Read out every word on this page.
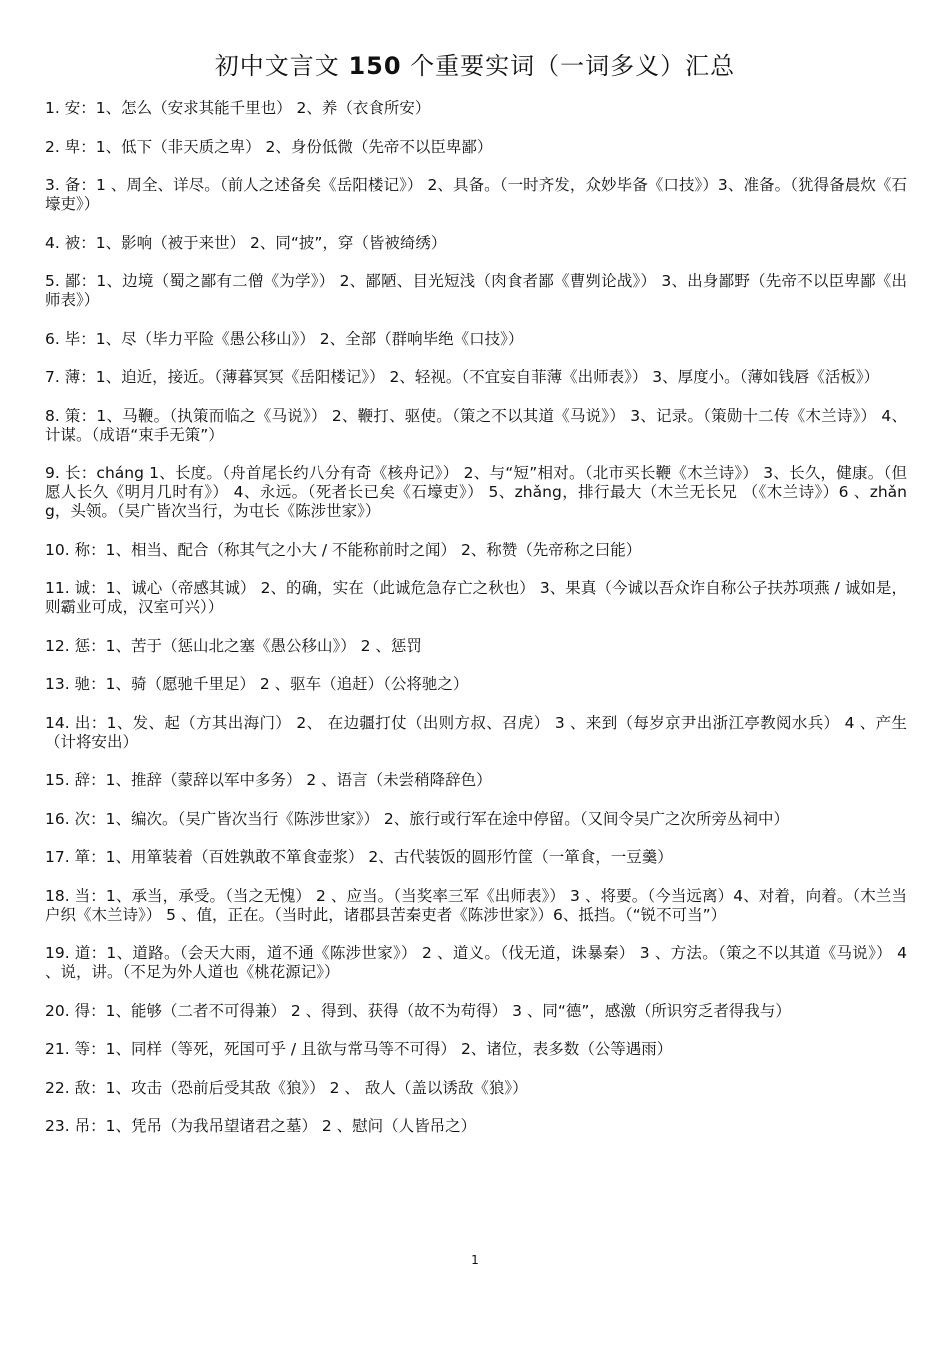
初中文言文 150 个重要实词（一词多义）汇总
1. 安：1、怎么（安求其能千里也） 2、养（衣食所安）
2. 卑：1、低下（非天质之卑） 2、身份低微（先帝不以臣卑鄙）
3. 备：1 、周全、详尽。（前人之述备矣《岳阳楼记》） 2、具备。（一时齐发，众妙毕备《口技》）3、准备。（犹得备晨炊《石壕吏》）
4. 被：1、影响（被于来世） 2、同“披”，穿（皆被绮绣）
5. 鄙：1、边境（蜀之鄙有二僧《为学》） 2、鄙陋、目光短浅（肉食者鄙《曹刿论战》） 3、出身鄙野（先帝不以臣卑鄙《出师表》）
6. 毕：1、尽（毕力平险《愚公移山》） 2、全部（群响毕绝《口技》）
7. 薄：1、迫近，接近。（薄暮冥冥《岳阳楼记》） 2、轻视。（不宜妄自菲薄《出师表》） 3、厚度小。（薄如钱唇《活板》）
8. 策：1、马鞭。（执策而临之《马说》） 2、鞭打、驱使。（策之不以其道《马说》） 3、记录。（策勋十二传《木兰诗》） 4、计谋。（成语“束手无策”）
9. 长：cháng 1、长度。（舟首尾长约八分有奇《核舟记》） 2、与“短”相对。（北市买长鞭《木兰诗》） 3、长久，健康。（但愿人长久《明月几时有》） 4、永远。（死者长已矣《石壕吏》） 5、zhǎng，排行最大（木兰无长兄 （《木兰诗》）6 、zhǎng，头领。（吴广皆次当行，为屯长《陈涉世家》）
10. 称：1、相当、配合（称其气之小大 / 不能称前时之闻） 2、称赞（先帝称之曰能）
11. 诚：1、诚心（帝感其诚） 2、的确，实在（此诚危急存亡之秋也） 3、果真（今诚以吾众诈自称公子扶苏项燕 / 诚如是，则霸业可成，汉室可兴））
12. 惩：1、苦于（惩山北之塞《愚公移山》） 2 、惩罚
13. 驰：1、骑（愿驰千里足） 2 、驱车（追赶）（公将驰之）
14. 出：1、发、起（方其出海门） 2、 在边疆打仗（出则方叔、召虎） 3 、来到（每岁京尹出浙江亭教阅水兵） 4 、产生（计将安出）
15. 辞：1、推辞（蒙辞以军中多务） 2 、语言（未尝稍降辞色）
16. 次：1、编次。（吴广皆次当行《陈涉世家》） 2、旅行或行军在途中停留。（又间令吴广之次所旁丛祠中）
17. 箪：1、用箪装着（百姓孰敢不箪食壶浆） 2、古代装饭的圆形竹筐（一箪食，一豆羹）
18. 当：1、承当，承受。（当之无愧） 2 、应当。（当奖率三军《出师表》） 3 、将要。（今当远离）4、对着，向着。（木兰当户织《木兰诗》） 5 、值，正在。（当时此，诸郡县苦秦吏者《陈涉世家》）6、抵挡。（“锐不可当”）
19. 道：1、道路。（会天大雨，道不通《陈涉世家》） 2 、道义。（伐无道，诛暴秦） 3 、方法。（策之不以其道《马说》） 4 、说，讲。（不足为外人道也《桃花源记》）
20. 得：1、能够（二者不可得兼） 2 、得到、获得（故不为苟得） 3 、同“德”，感激（所识穷乏者得我与）
21. 等：1、同样（等死，死国可乎 / 且欲与常马等不可得） 2、诸位，表多数（公等遇雨）
22. 敌：1、攻击（恐前后受其敌《狼》） 2 、 敌人（盖以诱敌《狼》）
23. 吊：1、凭吊（为我吊望诸君之墓） 2 、慰问（人皆吊之）
1
